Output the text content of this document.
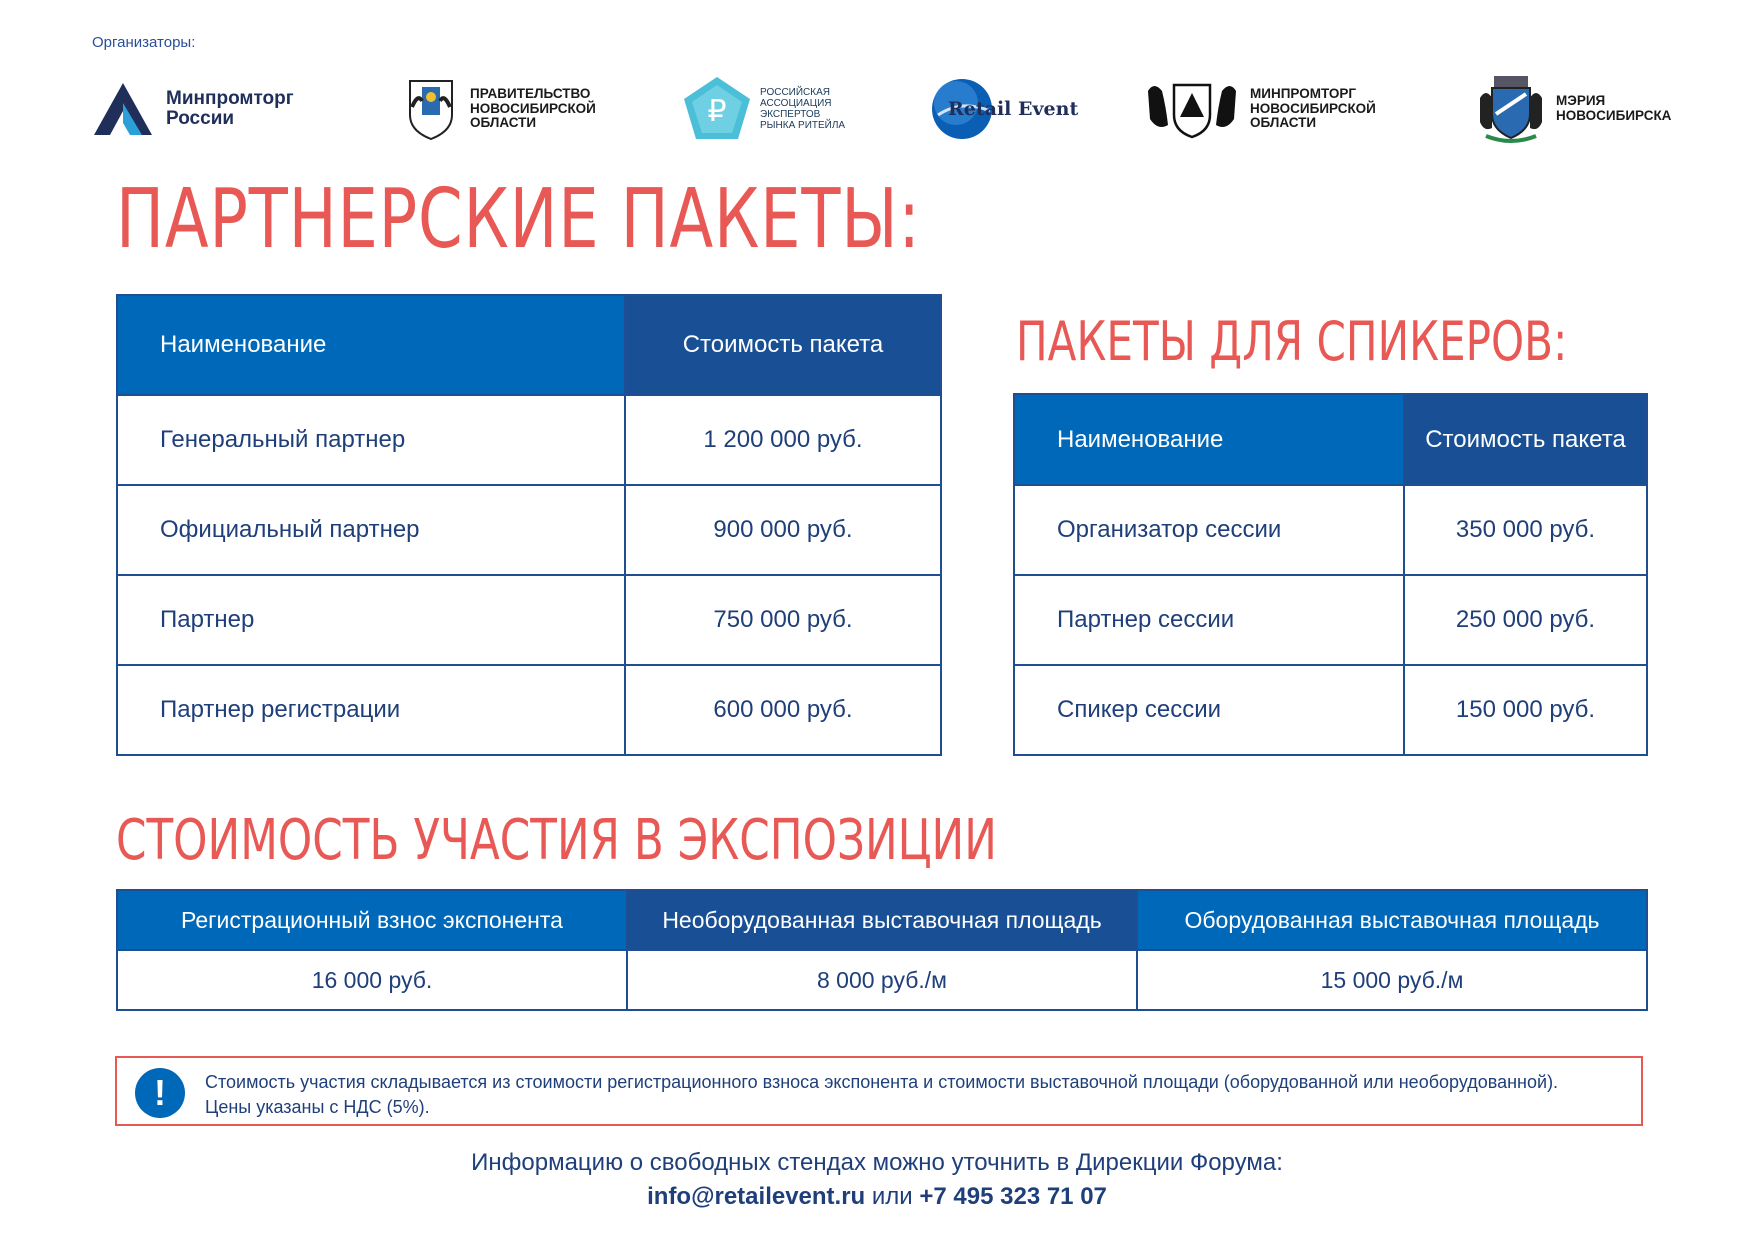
Организаторы:
Минпромторг
России
ПРАВИТЕЛЬСТВО
НОВОСИБИРСКОЙ
ОБЛАСТИ	₽
РОССИЙСКАЯ
АССОЦИАЦИЯ
ЭКСПЕРТОВ
РЫНКА РИТЕЙЛА
Retail Event
МИНПРОМТОРГ
НОВОСИБИРСКОЙ
ОБЛАСТИ
МЭРИЯ
НОВОСИБИРСКА
ПАРТНЕРСКИЕ ПАКЕТЫ:
Наименование	Стоимость пакета
Генеральный партнер	1 200 000 руб.
Официальный партнер	900 000 руб.
Партнер	750 000 руб.
Партнер регистрации	600 000 руб.
ПАКЕТЫ ДЛЯ СПИКЕРОВ:
Наименование	Стоимость пакета
Организатор сессии	350 000 руб.
Партнер сессии	250 000 руб.
Спикер сессии	150 000 руб.
СТОИМОСТЬ УЧАСТИЯ В ЭКСПОЗИЦИИ
Регистрационный взнос экспонента	Необорудованная выставочная площадь	Оборудованная выставочная площадь
16 000 руб.	8 000 руб./м	15 000 руб./м
!	Стоимость участия складывается из стоимости регистрационного взноса экспонента и стоимости выставочной площади (оборудованной или необорудованной).
Цены указаны с НДС (5%).
Информацию о свободных стендах можно уточнить в Дирекции Форума:
info@retailevent.ru или +7 495 323 71 07
